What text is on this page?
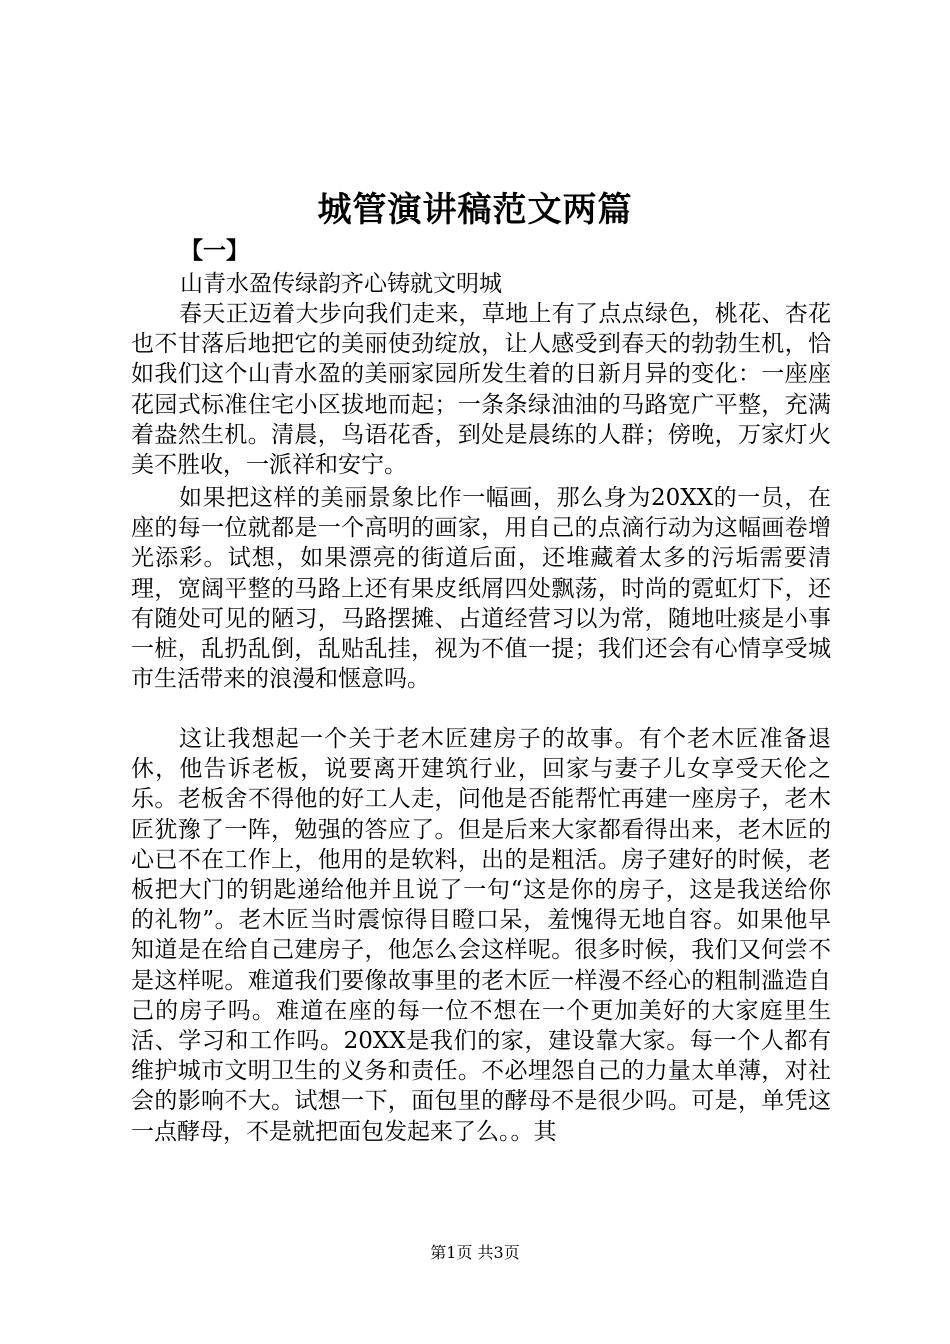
城管演讲稿范文两篇
【一】
山青水盈传绿韵齐心铸就文明城

春天正迈着大步向我们走来，草地上有了点点绿色，桃花、杏花也不甘落后地把它的美丽使劲绽放，让人感受到春天的勃勃生机，恰如我们这个山青水盈的美丽家园所发生着的日新月异的变化：一座座花园式标准住宅小区拔地而起；一条条绿油油的马路宽广平整，充满着盎然生机。清晨，鸟语花香，到处是晨练的人群；傍晚，万家灯火美不胜收，一派祥和安宁。

如果把这样的美丽景象比作一幅画，那么身为20XX的一员，在座的每一位就都是一个高明的画家，用自己的点滴行动为这幅画卷增光添彩。试想，如果漂亮的街道后面，还堆藏着太多的污垢需要清理，宽阔平整的马路上还有果皮纸屑四处飘荡，时尚的霓虹灯下，还有随处可见的陋习，马路摆摊、占道经营习以为常，随地吐痰是小事一桩，乱扔乱倒，乱贴乱挂，视为不值一提；我们还会有心情享受城市生活带来的浪漫和惬意吗。

这让我想起一个关于老木匠建房子的故事。有个老木匠准备退休，他告诉老板，说要离开建筑行业，回家与妻子儿女享受天伦之乐。老板舍不得他的好工人走，问他是否能帮忙再建一座房子，老木匠犹豫了一阵，勉强的答应了。但是后来大家都看得出来，老木匠的心已不在工作上，他用的是软料，出的是粗活。房子建好的时候，老板把大门的钥匙递给他并且说了一句“这是你的房子，这是我送给你的礼物”。老木匠当时震惊得目瞪口呆，羞愧得无地自容。如果他早知道是在给自己建房子，他怎么会这样呢。很多时候，我们又何尝不是这样呢。难道我们要像故事里的老木匠一样漫不经心的粗制滥造自己的房子吗。难道在座的每一位不想在一个更加美好的大家庭里生活、学习和工作吗。20XX是我们的家，建设靠大家。每一个人都有维护城市文明卫生的义务和责任。不必埋怨自己的力量太单薄，对社会的影响不大。试想一下，面包里的酵母不是很少吗。可是，单凭这一点酵母，不是就把面包发起来了么。。其

第1页 共3页
